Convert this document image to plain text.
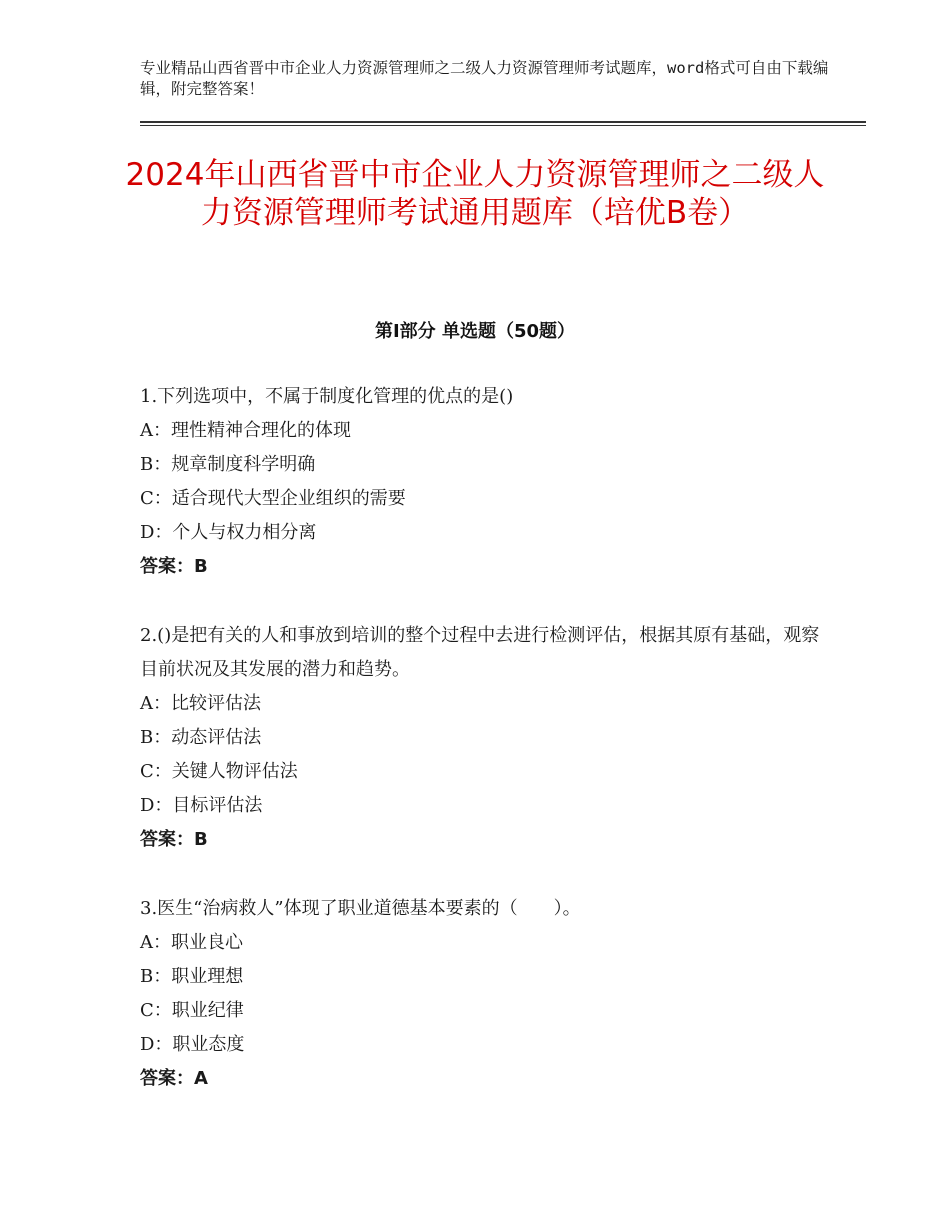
专业精品山西省晋中市企业人力资源管理师之二级人力资源管理师考试题库，word格式可自由下载编辑，附完整答案！
2024年山西省晋中市企业人力资源管理师之二级人力资源管理师考试通用题库（培优B卷）
第Ⅰ部分 单选题（50题）

1.下列选项中，不属于制度化管理的优点的是()

A：理性精神合理化的体现

B：规章制度科学明确

C：适合现代大型企业组织的需要

D：个人与权力相分离

答案：B

2.()是把有关的人和事放到培训的整个过程中去进行检测评估，根据其原有基础，观察目前状况及其发展的潜力和趋势。

A：比较评估法

B：动态评估法

C：关键人物评估法

D：目标评估法

答案：B

3.医生“治病救人”体现了职业道德基本要素的（　　）。

A：职业良心

B：职业理想

C：职业纪律

D：职业态度

答案：A
